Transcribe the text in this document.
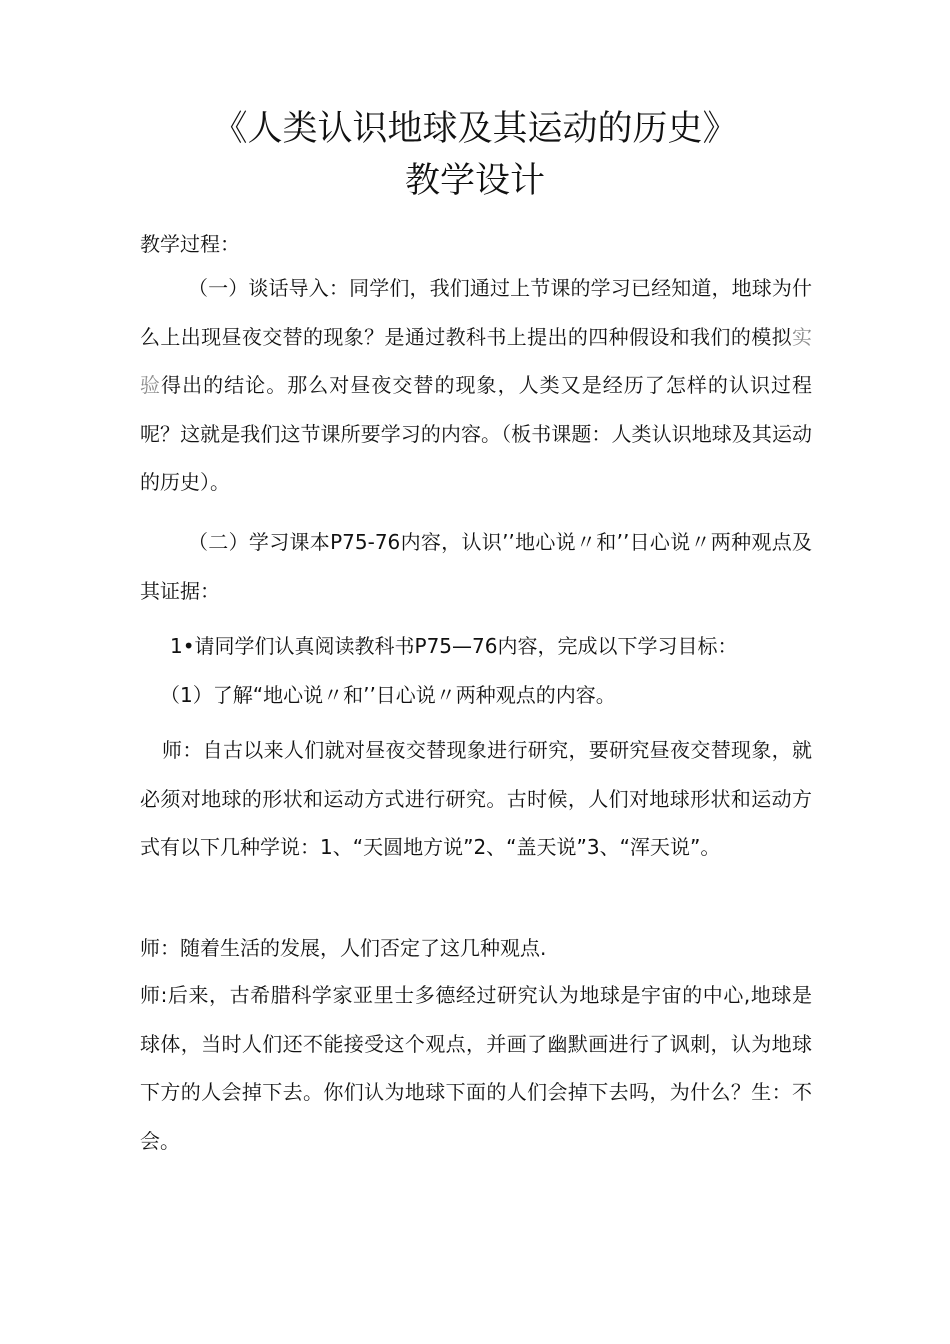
《人类认识地球及其运动的历史》
教学设计

教学过程：

（一）谈话导入：同学们，我们通过上节课的学习已经知道，地球为什么上出现昼夜交替的现象？是通过教科书上提出的四种假设和我们的模拟实验得出的结论。那么对昼夜交替的现象，人类又是经历了怎样的认识过程呢？这就是我们这节课所要学习的内容。（板书课题：人类认识地球及其运动的历史）。

（二）学习课本P75-76内容，认识’’地心说〃和’’日心说〃两种观点及其证据：

1•请同学们认真阅读教科书P75—76内容，完成以下学习目标：

（1）了解“地心说〃和’’日心说〃两种观点的内容。

师：自古以来人们就对昼夜交替现象进行研究，要研究昼夜交替现象，就必须对地球的形状和运动方式进行研究。古时候，人们对地球形状和运动方式有以下几种学说：1、“天圆地方说”2、“盖天说”3、“浑天说”。

师：随着生活的发展，人们否定了这几种观点.

师:后来，古希腊科学家亚里士多德经过研究认为地球是宇宙的中心,地球是球体，当时人们还不能接受这个观点，并画了幽默画进行了讽刺，认为地球下方的人会掉下去。你们认为地球下面的人们会掉下去吗，为什么？生：不会。
